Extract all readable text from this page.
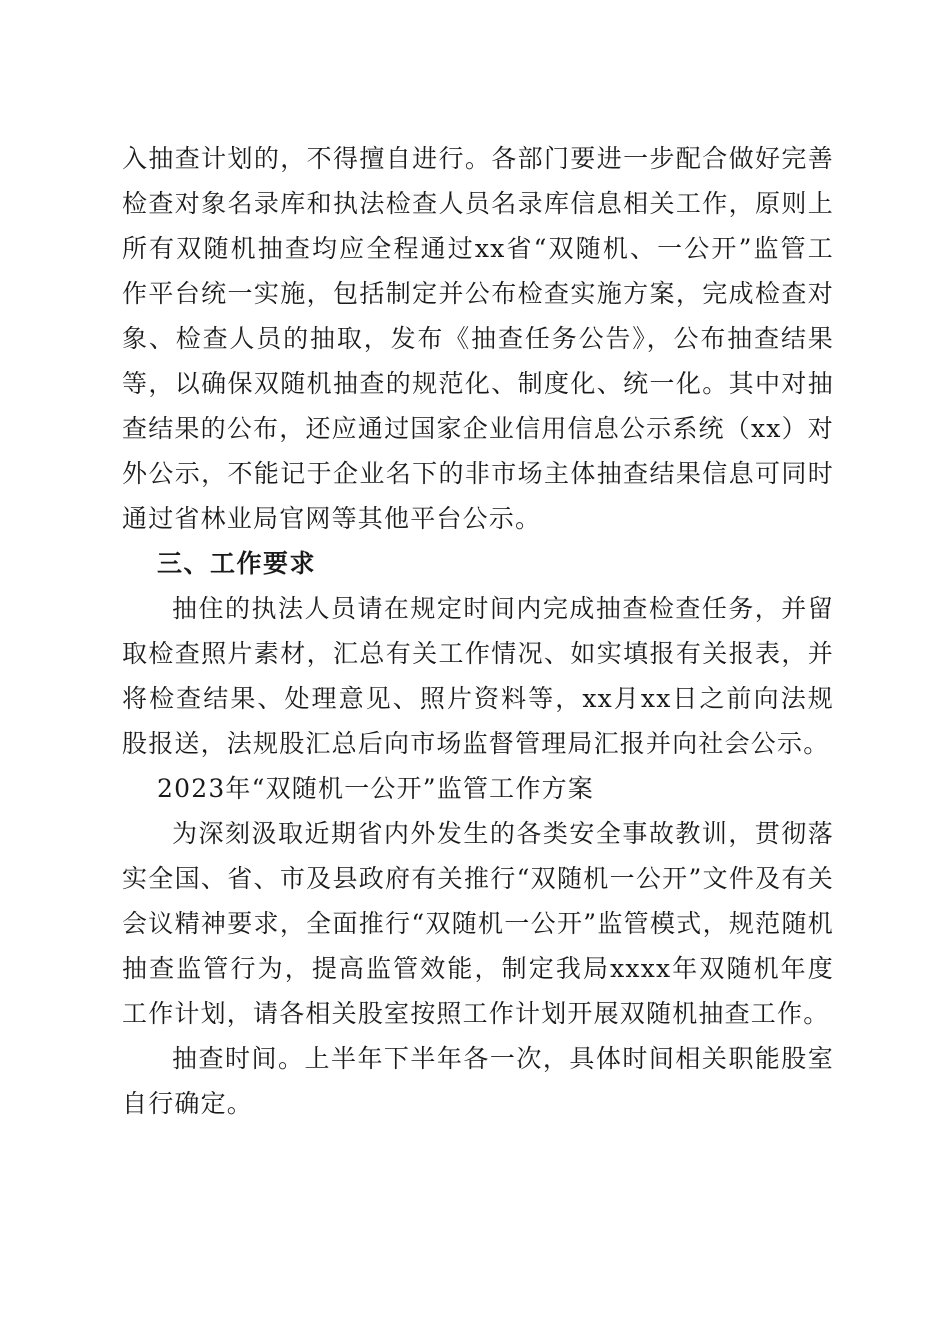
入抽查计划的，不得擅自进行。各部门要进一步配合做好完善检查对象名录库和执法检查人员名录库信息相关工作，原则上所有双随机抽查均应全程通过xx省“双随机、一公开”监管工作平台统一实施，包括制定并公布检查实施方案，完成检查对象、检查人员的抽取，发布《抽查任务公告》，公布抽查结果等，以确保双随机抽查的规范化、制度化、统一化。其中对抽查结果的公布，还应通过国家企业信用信息公示系统（xx）对外公示，不能记于企业名下的非市场主体抽查结果信息可同时通过省林业局官网等其他平台公示。

三、工作要求

抽住的执法人员请在规定时间内完成抽查检查任务，并留取检查照片素材，汇总有关工作情况、如实填报有关报表，并将检查结果、处理意见、照片资料等，xx月xx日之前向法规股报送，法规股汇总后向市场监督管理局汇报并向社会公示。

2023年“双随机一公开”监管工作方案

为深刻汲取近期省内外发生的各类安全事故教训，贯彻落实全国、省、市及县政府有关推行“双随机一公开”文件及有关会议精神要求，全面推行“双随机一公开”监管模式，规范随机抽查监管行为，提高监管效能，制定我局xxxx年双随机年度工作计划，请各相关股室按照工作计划开展双随机抽查工作。

抽查时间。上半年下半年各一次，具体时间相关职能股室自行确定。
